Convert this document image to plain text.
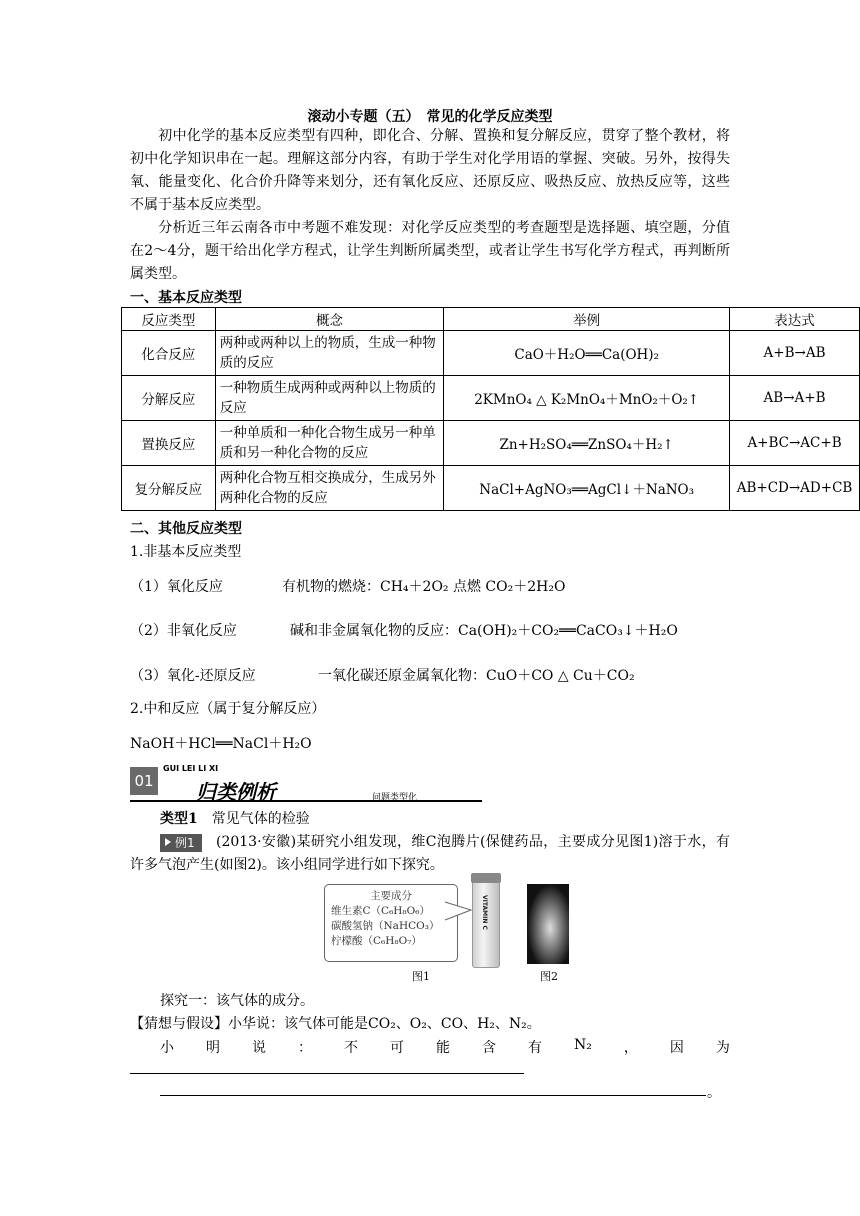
滚动小专题（五）　常见的化学反应类型
初中化学的基本反应类型有四种，即化合、分解、置换和复分解反应，贯穿了整个教材，将初中化学知识串在一起。理解这部分内容，有助于学生对化学用语的掌握、突破。另外，按得失氧、能量变化、化合价升降等来划分，还有氧化反应、还原反应、吸热反应、放热反应等，这些不属于基本反应类型。
分析近三年云南各市中考题不难发现：对化学反应类型的考查题型是选择题、填空题，分值在2～4分，题干给出化学方程式，让学生判断所属类型，或者让学生书写化学方程式，再判断所属类型。
一、基本反应类型
反应类型	概念	举例	表达式
化合反应	两种或两种以上的物质，生成一种物质的反应	CaO＋H₂O══Ca(OH)₂	A+B→AB
分解反应	一种物质生成两种或两种以上物质的反应	2KMnO₄ △ K₂MnO₄＋MnO₂＋O₂↑	AB→A+B
置换反应	一种单质和一种化合物生成另一种单质和另一种化合物的反应	Zn+H₂SO₄══ZnSO₄＋H₂↑	A+BC→AC+B
复分解反应	两种化合物互相交换成分，生成另外两种化合物的反应	NaCl+AgNO₃══AgCl↓＋NaNO₃	AB+CD→AD+CB
二、其他反应类型
1.非基本反应类型
（1）氧化反应	有机物的燃烧：CH₄＋2O₂ 点燃 CO₂＋2H₂O
（2）非氧化反应	碱和非金属氧化物的反应：Ca(OH)₂＋CO₂══CaCO₃↓＋H₂O
（3）氧化-还原反应	一氧化碳还原金属氧化物：CuO＋CO △ Cu＋CO₂
2.中和反应（属于复分解反应）
NaOH＋HCl══NaCl＋H₂O
01
GUI LEI LI XI
归类例析	问题类型化
类型1　 常见气体的检验
例1	(2013·安徽)某研究小组发现，维C泡腾片(保健药品，主要成分见图1)溶于水，有许多气泡产生(如图2)。该小组同学进行如下探究。
主要成分
维生素C（C₆H₈O₆）
碳酸氢钠（NaHCO₃）
柠檬酸（C₆H₈O₇）
VITAMIN C
图1	图2
探究一：该气体的成分。
【猜想与假设】小华说：该气体可能是CO₂、O₂、CO、H₂、N₂。
小 明 说 ： 不 可 能 含 有 N₂ ， 因 为
。
